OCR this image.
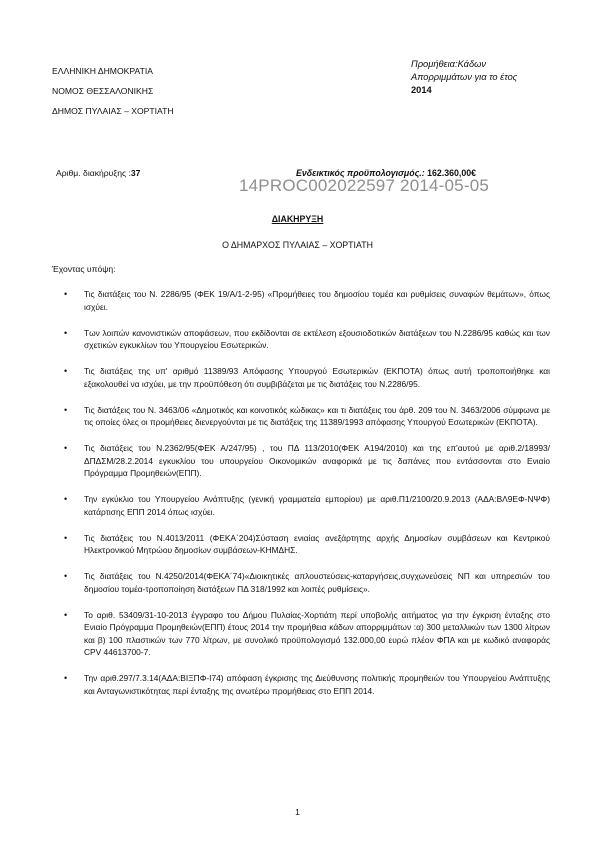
ΕΛΛΗΝΙΚΗ ΔΗΜΟΚΡΑΤΙΑ
ΝΟΜΟΣ ΘΕΣΣΑΛΟΝΙΚΗΣ
ΔΗΜΟΣ ΠΥΛΑΙΑΣ – ΧΟΡΤΙΑΤΗ
Προμήθεια:Κάδων
Απορριμμάτων για το έτος
2014
Αριθμ. διακήρυξης :37	Ενδεικτικός προϋπολογισμός.: 162.360,00€
14PROC002022597 2014-05-05
ΔΙΑΚΗΡΥΞΗ
Ο ΔΗΜΑΡΧΟΣ ΠΥΛΑΙΑΣ – ΧΟΡΤΙΑΤΗ
Έχοντας υπόψη:
• Τις διατάξεις του Ν. 2286/95 (ΦΕΚ 19/Α/1-2-95) «Προμήθειες του δημοσίου τομέα και ρυθμίσεις συναφών θεμάτων», όπως ισχύει.
• Των λοιπών κανονιστικών αποφάσεων, που εκδίδονται σε εκτέλεση εξουσιοδοτικών διατάξεων του Ν.2286/95 καθώς και των σχετικών εγκυκλίων του Υπουργείου Εσωτερικών.
• Τις διατάξεις της υπ' αριθμό 11389/93 Απόφασης Υπουργού Εσωτερικών (ΕΚΠΟΤΑ) όπως αυτή τροποποιήθηκε και εξακολουθεί να ισχύει, με την προϋπόθεση ότι συμβιβάζεται με τις διατάξεις του Ν.2286/95.
• Τις διατάξεις του Ν. 3463/06 «Δημοτικός και κοινοτικός κώδικας» και τι διατάξεις του άρθ. 209 του Ν. 3463/2006 σύμφωνα με τις οποίες όλες οι προμήθειες διενεργούνται με τις διατάξεις της 11389/1993 απόφασης Υπουργού Εσωτερικών (ΕΚΠΟΤΑ).
• Τις διατάξεις του Ν.2362/95(ΦΕΚ Α/247/95) , του ΠΔ 113/2010(ΦΕΚ Α194/2010) και της επ'αυτού με αριθ.2/18993/ΔΠΔΣΜ/28.2.2014 εγκυκλίου του υπουργείου Οικονομικών αναφορικά με τις δαπάνες που εντάσσονται στο Ενιαίο Πρόγραμμα Προμηθειών(ΕΠΠ).
• Την εγκύκλιο του Υπουργείου Ανάπτυξης (γενική γραμματεία εμπορίου) με αριθ.Π1/2100/20.9.2013 (ΑΔΑ:ΒΛ9ΕΦ-ΝΨΦ) κατάρτισης ΕΠΠ 2014 όπως ισχύει.
• Τις διατάξεις του Ν.4013/2011 (ΦΕΚΑ΄204)Σύσταση ενιαίας ανεξάρτητης αρχής Δημοσίων συμβάσεων και Κεντρικού Ηλεκτρονικού Μητρώου δημοσίων συμβάσεων-ΚΗΜΔΗΣ.
• Τις διατάξεις του Ν.4250/2014(ΦΕΚΑ΄74)«Διοικητικές απλουστεύσεις-καταργήσεις,συγχωνεύσεις ΝΠ και υπηρεσιών του δημοσίου τομέα-τροποποίηση διατάξεων ΠΔ 318/1992 και λοιπές ρυθμίσεις».
• Το αριθ. 53409/31-10-2013 έγγραφο του Δήμου Πυλαίας-Χορτιάτη περί υποβολής αιτήματος για την έγκριση ένταξης στο Ενιαίο Πρόγραμμα Προμηθειών(ΕΠΠ) έτους 2014 την προμήθεια κάδων απορριμμάτων :α) 300 μεταλλικών των 1300 λίτρων και β) 100 πλαστικών των 770 λίτρων, με συνολικό προϋπολογισμό 132.000,00 ευρώ πλέον ΦΠΑ και με κωδικό αναφοράς CPV 44613700-7.
• Την αριθ.297/7.3.14(ΑΔΑ:ΒΙΞΠΦ-Ι74) απόφαση έγκρισης της Διεύθυνσης πολιτικής προμηθειών του Υπουργείου Ανάπτυξης και Ανταγωνιστικότητας περί ένταξης της ανωτέρω προμήθειας στο ΕΠΠ 2014.
1
